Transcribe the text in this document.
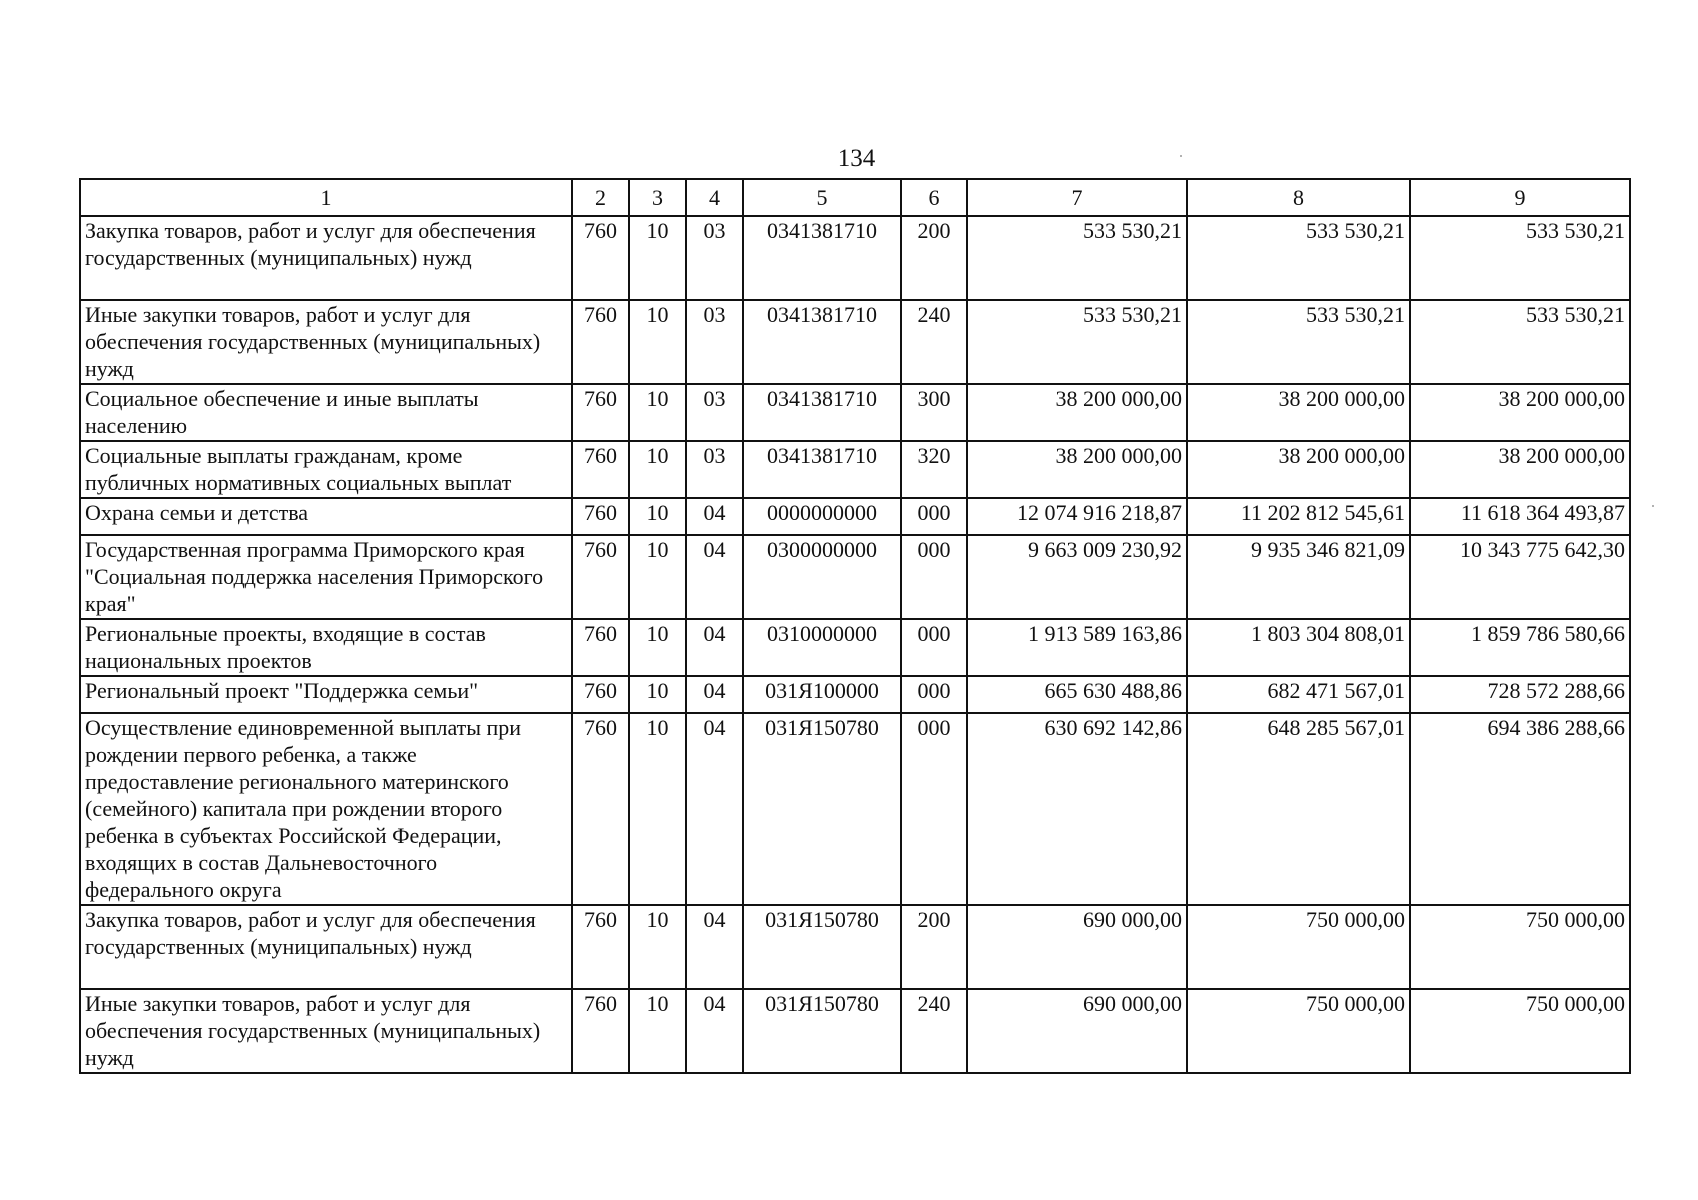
134
1	2	3	4	5	6	7	8	9
Закупка товаров, работ и услуг для обеспечения государственных (муниципальных) нужд	760	10	03	0341381710	200	533 530,21	533 530,21	533 530,21
Иные закупки товаров, работ и услуг для обеспечения государственных (муниципальных) нужд	760	10	03	0341381710	240	533 530,21	533 530,21	533 530,21
Социальное обеспечение и иные выплаты населению	760	10	03	0341381710	300	38 200 000,00	38 200 000,00	38 200 000,00
Социальные выплаты гражданам, кроме публичных нормативных социальных выплат	760	10	03	0341381710	320	38 200 000,00	38 200 000,00	38 200 000,00
Охрана семьи и детства	760	10	04	0000000000	000	12 074 916 218,87	11 202 812 545,61	11 618 364 493,87
Государственная программа Приморского края "Социальная поддержка населения Приморского края"	760	10	04	0300000000	000	9 663 009 230,92	9 935 346 821,09	10 343 775 642,30
Региональные проекты, входящие в состав национальных проектов	760	10	04	0310000000	000	1 913 589 163,86	1 803 304 808,01	1 859 786 580,66
Региональный проект "Поддержка семьи"	760	10	04	031Я100000	000	665 630 488,86	682 471 567,01	728 572 288,66
Осуществление единовременной выплаты при рождении первого ребенка, а также предоставление регионального материнского (семейного) капитала при рождении второго ребенка в субъектах Российской Федерации, входящих в состав Дальневосточного федерального округа	760	10	04	031Я150780	000	630 692 142,86	648 285 567,01	694 386 288,66
Закупка товаров, работ и услуг для обеспечения государственных (муниципальных) нужд	760	10	04	031Я150780	200	690 000,00	750 000,00	750 000,00
Иные закупки товаров, работ и услуг для обеспечения государственных (муниципальных) нужд	760	10	04	031Я150780	240	690 000,00	750 000,00	750 000,00
